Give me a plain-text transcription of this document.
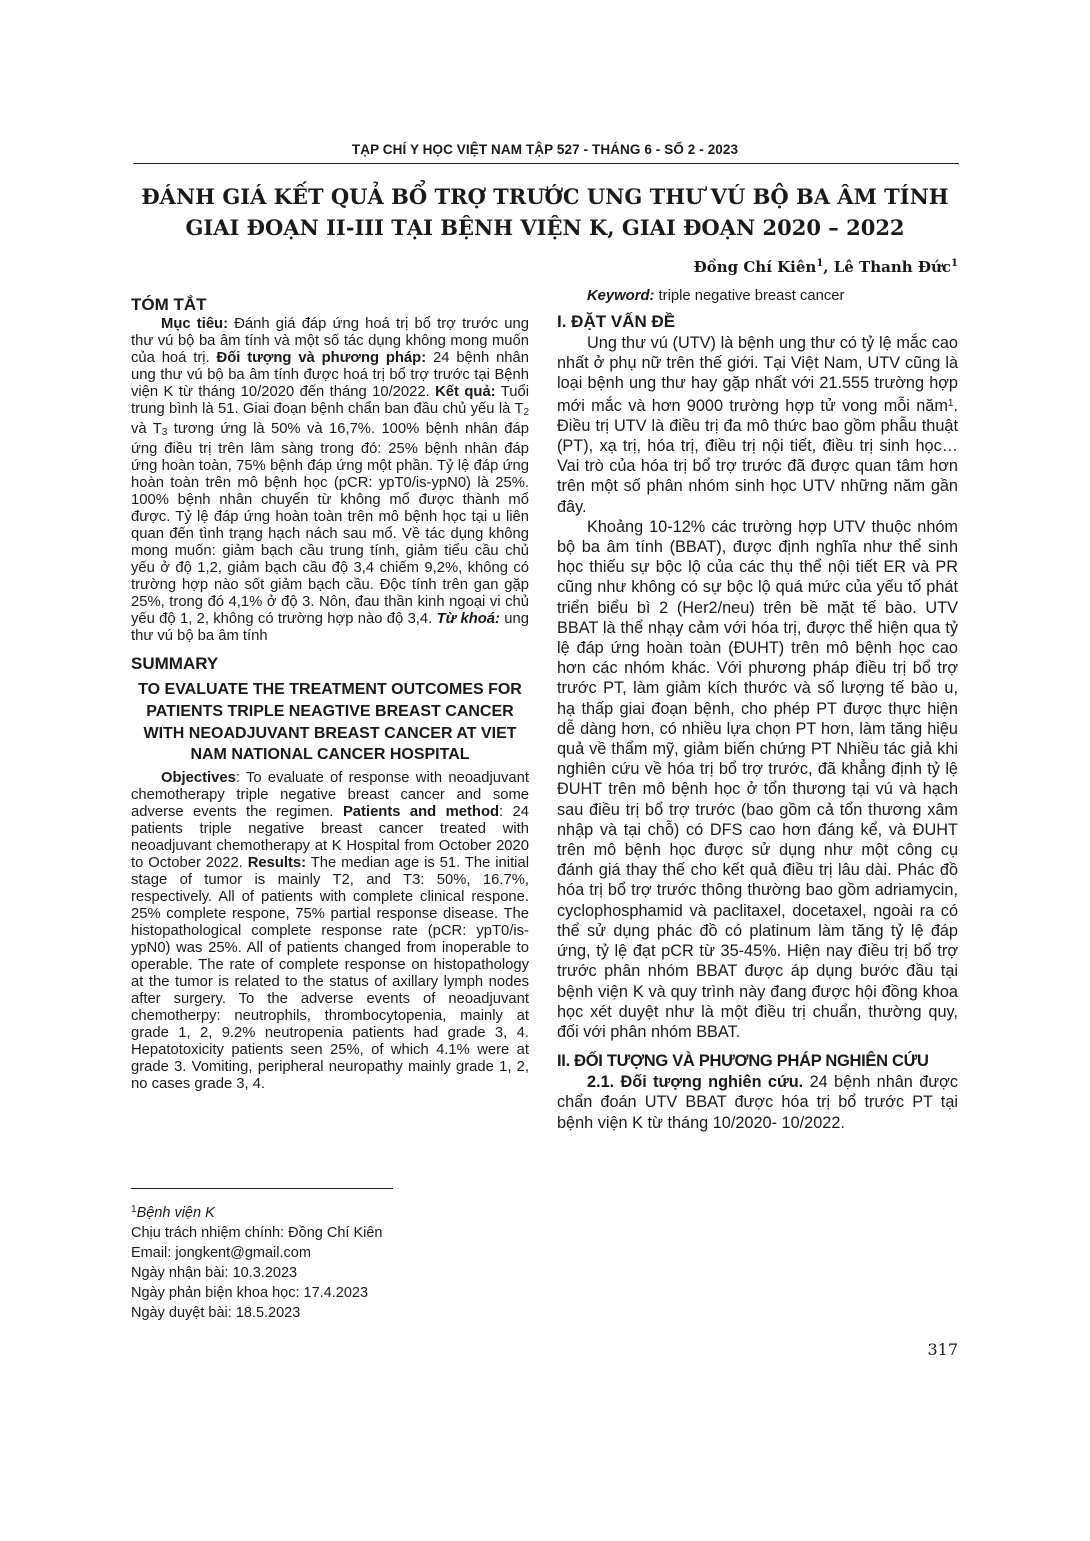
TẠP CHÍ Y HỌC VIỆT NAM TẬP 527 - THÁNG 6 - SỐ 2 - 2023
ĐÁNH GIÁ KẾT QUẢ BỔ TRỢ TRƯỚC UNG THƯ VÚ BỘ BA ÂM TÍNH
GIAI ĐOẠN II-III TẠI BỆNH VIỆN K, GIAI ĐOẠN 2020 – 2022
Đồng Chí Kiên$^1$, Lê Thanh Đức$^1$
TÓM TẮT

Mục tiêu: Đánh giá đáp ứng hoá trị bổ trợ trước ung thư vú bộ ba âm tính và một số tác dụng không mong muốn của hoá trị. Đối tượng và phương pháp: 24 bệnh nhân ung thư vú bộ ba âm tính được hoá trị bổ trợ trước tại Bệnh viện K từ tháng 10/2020 đến tháng 10/2022. Kết quả: Tuổi trung bình là 51. Giai đoạn bệnh chẩn ban đầu chủ yếu là $T_2$ và $T_3$ tương ứng là 50% và 16,7%. 100% bệnh nhân đáp ứng điều trị trên lâm sàng trong đó: 25% bệnh nhân đáp ứng hoàn toàn, 75% bệnh đáp ứng một phần. Tỷ lệ đáp ứng hoàn toàn trên mô bệnh học (pCR: ypT0/is-ypN0) là 25%. 100% bệnh nhân chuyển từ không mổ được thành mổ được. Tỷ lệ đáp ứng hoàn toàn trên mô bệnh học tại u liên quan đến tình trạng hạch nách sau mổ. Về tác dụng không mong muốn: giảm bạch cầu trung tính, giảm tiểu cầu chủ yếu ở độ 1,2, giảm bạch cầu độ 3,4 chiếm 9,2%, không có trường hợp nào sốt giảm bạch cầu. Độc tính trên gan gặp 25%, trong đó 4,1% ở độ 3. Nôn, đau thần kinh ngoại vi chủ yếu độ 1, 2, không có trường hợp nào độ 3,4. Từ khoá: ung thư vú bộ ba âm tính

SUMMARY
TO EVALUATE THE TREATMENT OUTCOMES FOR PATIENTS TRIPLE NEAGTIVE BREAST CANCER WITH NEOADJUVANT BREAST CANCER AT VIET NAM NATIONAL CANCER HOSPITAL

Objectives: To evaluate of response with neoadjuvant chemotherapy triple negative breast cancer and some adverse events the regimen. Patients and method: 24 patients triple negative breast cancer treated with neoadjuvant chemotherapy at K Hospital from October 2020 to October 2022. Results: The median age is 51. The initial stage of tumor is mainly T2, and T3: 50%, 16.7%, respectively. All of patients with complete clinical respone. 25% complete respone, 75% partial response disease. The histopathological complete response rate (pCR: ypT0/is-ypN0) was 25%. All of patients changed from inoperable to operable. The rate of complete response on histopathology at the tumor is related to the status of axillary lymph nodes after surgery. To the adverse events of neoadjuvant chemotherpy: neutrophils, thrombocytopenia, mainly at grade 1, 2, 9.2% neutropenia patients had grade 3, 4. Hepatotoxicity patients seen 25%, of which 4.1% were at grade 3. Vomiting, peripheral neuropathy mainly grade 1, 2, no cases grade 3, 4.

Keyword: triple negative breast cancer

I. ĐẶT VẤN ĐỀ

Ung thư vú (UTV) là bệnh ung thư có tỷ lệ mắc cao nhất ở phụ nữ trên thế giới. Tại Việt Nam, UTV cũng là loại bệnh ung thư hay gặp nhất với 21.555 trường hợp mới mắc và hơn 9000 trường hợp tử vong mỗi năm$^1$. Điều trị UTV là điều trị đa mô thức bao gồm phẫu thuật (PT), xạ trị, hóa trị, điều trị nội tiết, điều trị sinh học…Vai trò của hóa trị bổ trợ trước đã được quan tâm hơn trên một số phân nhóm sinh học UTV những năm gần đây.

Khoảng 10-12% các trường hợp UTV thuộc nhóm bộ ba âm tính (BBAT), được định nghĩa như thể sinh học thiếu sự bộc lộ của các thụ thể nội tiết ER và PR cũng như không có sự bộc lộ quá mức của yếu tố phát triển biểu bì 2 (Her2/neu) trên bề mặt tế bào. UTV BBAT là thể nhạy cảm với hóa trị, được thể hiện qua tỷ lệ đáp ứng hoàn toàn (ĐUHT) trên mô bệnh học cao hơn các nhóm khác. Với phương pháp điều trị bổ trợ trước PT, làm giảm kích thước và số lượng tế bào u, hạ thấp giai đoạn bệnh, cho phép PT được thực hiện dễ dàng hơn, có nhiều lựa chọn PT hơn, làm tăng hiệu quả về thẩm mỹ, giảm biến chứng PT Nhiều tác giả khi nghiên cứu về hóa trị bổ trợ trước, đã khẳng định tỷ lệ ĐUHT trên mô bệnh học ở tổn thương tại vú và hạch sau điều trị bổ trợ trước (bao gồm cả tổn thương xâm nhập và tại chỗ) có DFS cao hơn đáng kể, và ĐUHT trên mô bệnh học được sử dụng như một công cụ đánh giá thay thế cho kết quả điều trị lâu dài. Phác đồ hóa trị bổ trợ trước thông thường bao gồm adriamycin, cyclophosphamid và paclitaxel, docetaxel, ngoài ra có thể sử dụng phác đồ có platinum làm tăng tỷ lệ đáp ứng, tỷ lệ đạt pCR từ 35-45%. Hiện nay điều trị bổ trợ trước phân nhóm BBAT được áp dụng bước đầu tại bệnh viện K và quy trình này đang được hội đồng khoa học xét duyệt như là một điều trị chuẩn, thường quy, đối với phân nhóm BBAT.

II. ĐỐI TƯỢNG VÀ PHƯƠNG PHÁP NGHIÊN CỨU

2.1. Đối tượng nghiên cứu. 24 bệnh nhân được chẩn đoán UTV BBAT được hóa trị bổ trước PT tại bệnh viện K từ tháng 10/2020- 10/2022.

$^1$Bệnh viện K
Chịu trách nhiệm chính: Đồng Chí Kiên
Email: jongkent@gmail.com
Ngày nhận bài: 10.3.2023
Ngày phản biện khoa học: 17.4.2023
Ngày duyệt bài: 18.5.2023
317
